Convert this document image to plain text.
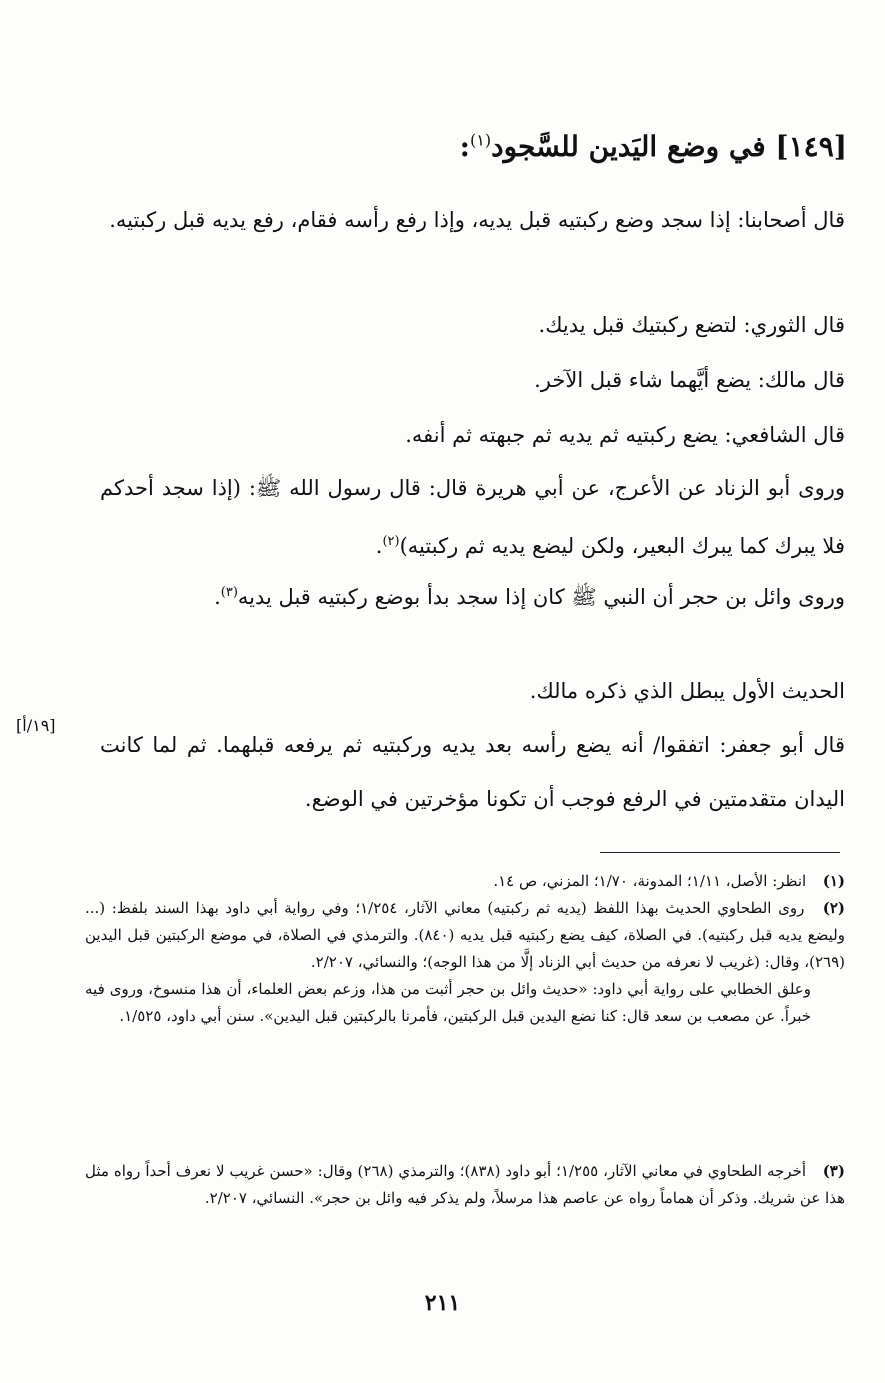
[١٤٩] في وضع اليَدين للسَّجود$^{(١)}$:
قال أصحابنا: إذا سجد وضع ركبتيه قبل يديه، وإذا رفع رأسه فقام، رفع يديه قبل ركبتيه.
قال الثوري: لتضع ركبتيك قبل يديك.
قال مالك: يضع أيَّهما شاء قبل الآخر.
قال الشافعي: يضع ركبتيه ثم يديه ثم جبهته ثم أنفه.
وروى أبو الزناد عن الأعرج، عن أبي هريرة قال: قال رسول الله ﷺ: (إذا سجد أحدكم فلا يبرك كما يبرك البعير، ولكن ليضع يديه ثم ركبتيه)$^{(٢)}$.
وروى وائل بن حجر أن النبي ﷺ كان إذا سجد بدأ بوضع ركبتيه قبل يديه$^{(٣)}$.
الحديث الأول يبطل الذي ذكره مالك.
قال أبو جعفر: اتفقوا/ أنه يضع رأسه بعد يديه وركبتيه ثم يرفعه قبلهما. ثم لما كانت اليدان متقدمتين في الرفع فوجب أن تكونا مؤخرتين في الوضع.
[١٩/أ]
(١) انظر: الأصل، ١/١١؛ المدونة، ١/٧٠؛ المزني، ص ١٤.
(٢) روى الطحاوي الحديث بهذا اللفظ (يديه ثم ركبتيه) معاني الآثار، ١/٢٥٤؛ وفي رواية أبي داود بهذا السند بلفظ: (... وليضع يديه قبل ركبتيه). في الصلاة، كيف يضع ركبتيه قبل يديه (٨٤٠). والترمذي في الصلاة، في موضع الركبتين قبل اليدين (٢٦٩)، وقال: (غريب لا نعرفه من حديث أبي الزناد إلَّا من هذا الوجه)؛ والنسائي، ٢/٢٠٧.
وعلق الخطابي على رواية أبي داود: «حديث وائل بن حجر أثبت من هذا، وزعم بعض العلماء، أن هذا منسوخ، وروى فيه خبراً. عن مصعب بن سعد قال: كنا نضع اليدين قبل الركبتين، فأمرنا بالركبتين قبل اليدين». سنن أبي داود، ١/٥٢٥.
(٣) أخرجه الطحاوي في معاني الآثار، ١/٢٥٥؛ أبو داود (٨٣٨)؛ والترمذي (٢٦٨) وقال: «حسن غريب لا نعرف أحداً رواه مثل هذا عن شريك. وذكر أن هماماً رواه عن عاصم هذا مرسلاً، ولم يذكر فيه وائل بن حجر». النسائي، ٢/٢٠٧.
٢١١
